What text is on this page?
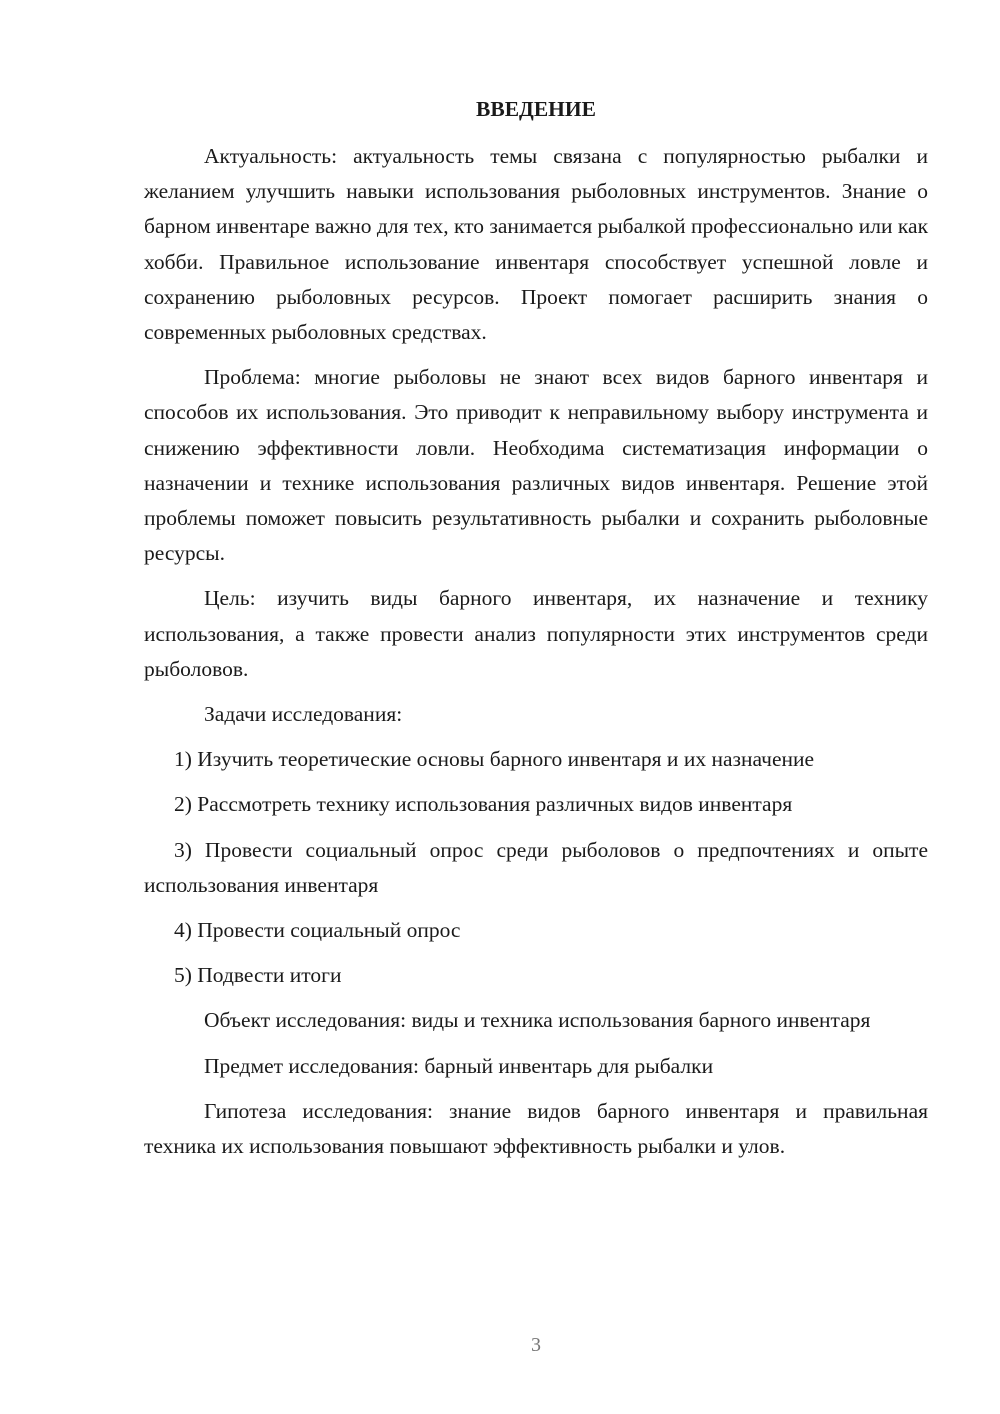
ВВЕДЕНИЕ

Актуальность: актуальность темы связана с популярностью рыбалки и желанием улучшить навыки использования рыболовных инструментов. Знание о барном инвентаре важно для тех, кто занимается рыбалкой профессионально или как хобби. Правильное использование инвентаря способствует успешной ловле и сохранению рыболовных ресурсов. Проект помогает расширить знания о современных рыболовных средствах.

Проблема: многие рыболовы не знают всех видов барного инвентаря и способов их использования. Это приводит к неправильному выбору инструмента и снижению эффективности ловли. Необходима систематизация информации о назначении и технике использования различных видов инвентаря. Решение этой проблемы поможет повысить результативность рыбалки и сохранить рыболовные ресурсы.

Цель: изучить виды барного инвентаря, их назначение и технику использования, а также провести анализ популярности этих инструментов среди рыболовов.

Задачи исследования:

1) Изучить теоретические основы барного инвентаря и их назначение

2) Рассмотреть технику использования различных видов инвентаря

3) Провести социальный опрос среди рыболовов о предпочтениях и опыте использования инвентаря

4) Провести социальный опрос

5) Подвести итоги

Объект исследования: виды и техника использования барного инвентаря

Предмет исследования: барный инвентарь для рыбалки

Гипотеза исследования: знание видов барного инвентаря и правильная техника их использования повышают эффективность рыбалки и улов.

3
